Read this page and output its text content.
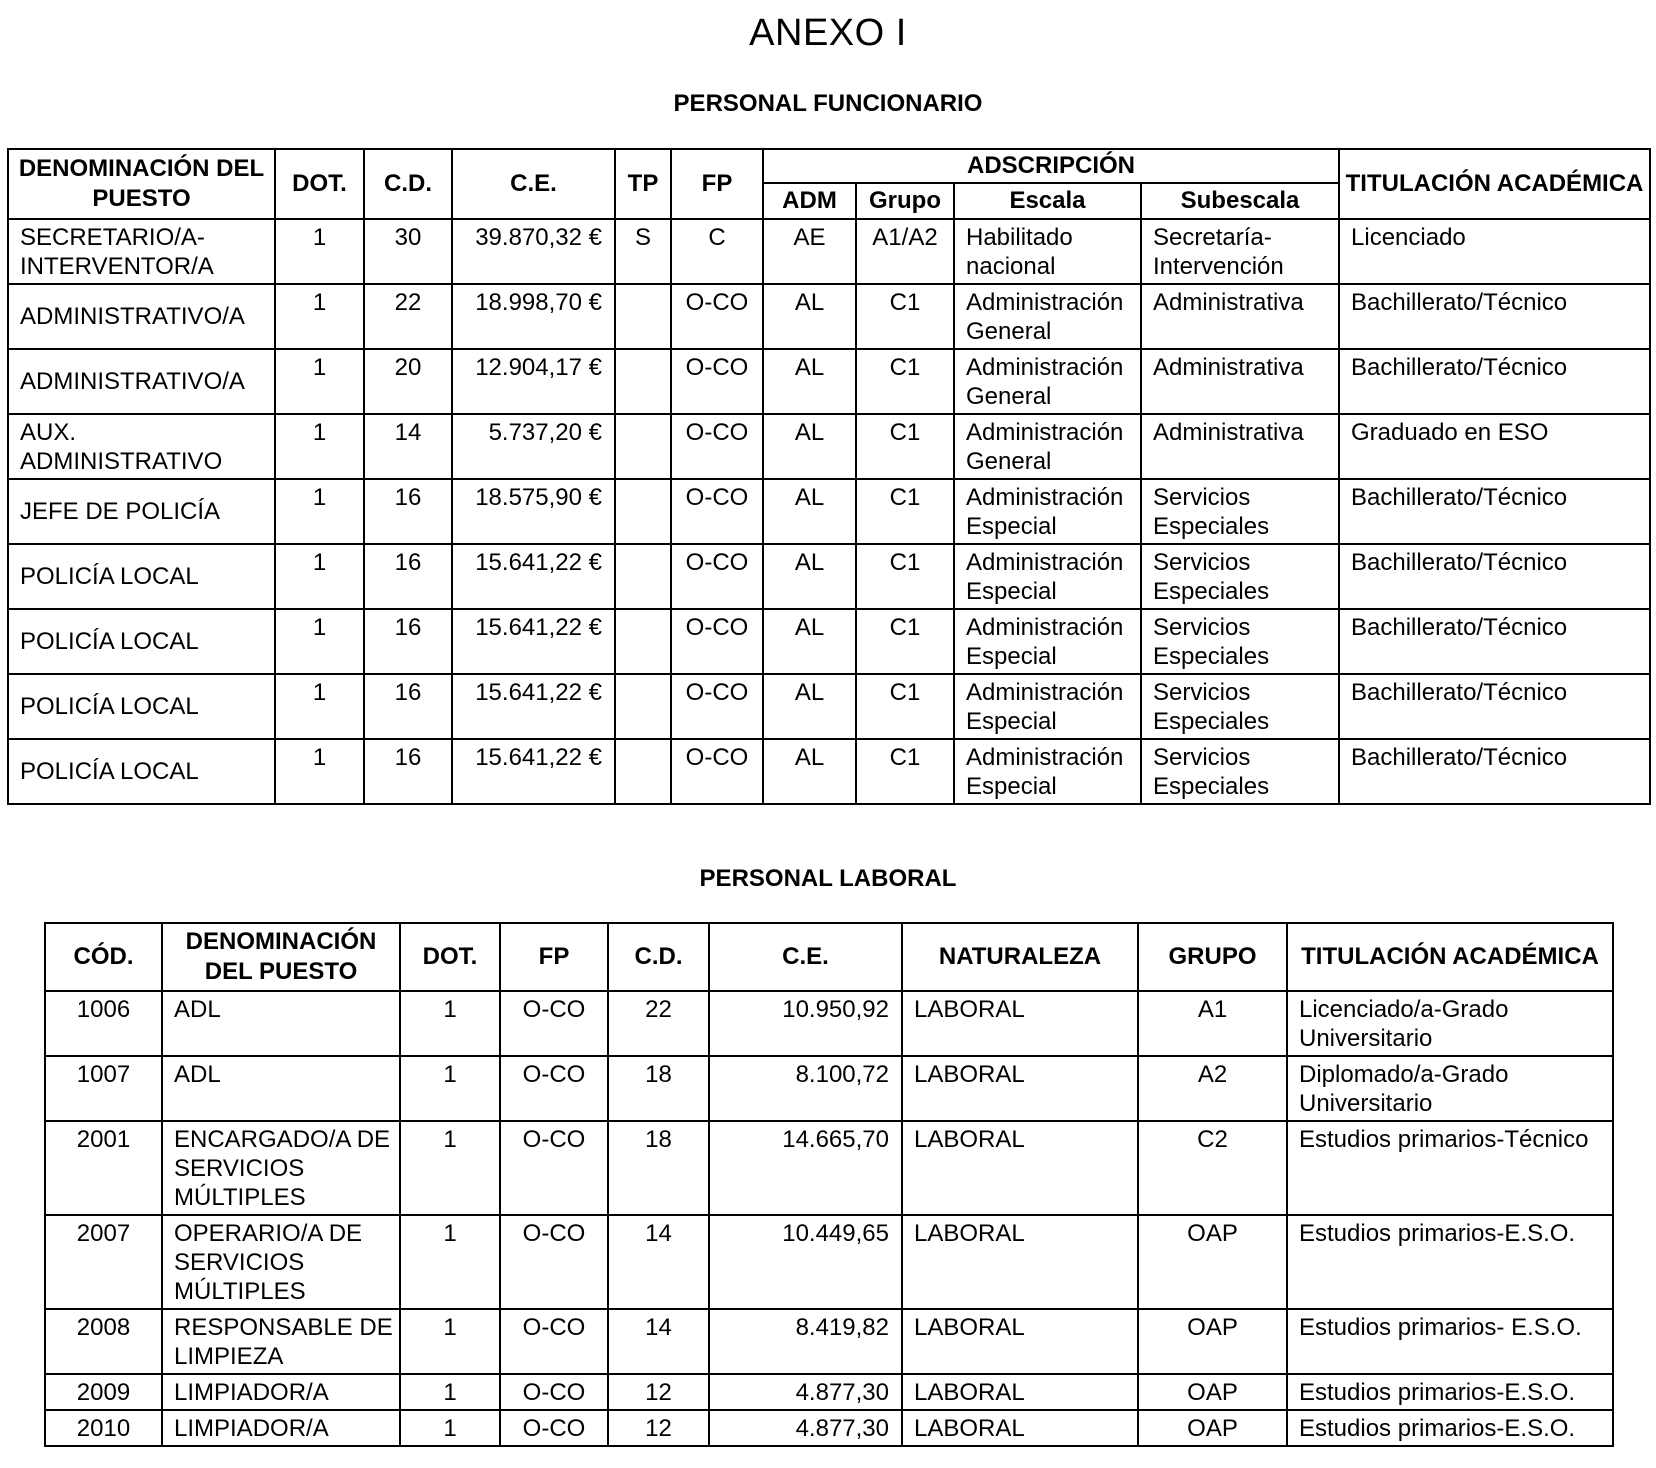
ANEXO I
PERSONAL FUNCIONARIO
DENOMINACIÓN DEL PUESTO	DOT.	C.D.	C.E.	TP	FP	ADSCRIPCIÓN				TITULACIÓN ACADÉMICA
						ADM	Grupo	Escala	Subescala	
SECRETARIO/A-INTERVENTOR/A	1	30	39.870,32 €	S	C	AE	A1/A2	Habilitado nacional	Secretaría-Intervención	Licenciado
ADMINISTRATIVO/A	1	22	18.998,70 €		O-CO	AL	C1	Administración General	Administrativa	Bachillerato/Técnico
ADMINISTRATIVO/A	1	20	12.904,17 €		O-CO	AL	C1	Administración General	Administrativa	Bachillerato/Técnico
AUX. ADMINISTRATIVO	1	14	5.737,20 €		O-CO	AL	C1	Administración General	Administrativa	Graduado en ESO
JEFE DE POLICÍA	1	16	18.575,90 €		O-CO	AL	C1	Administración Especial	Servicios Especiales	Bachillerato/Técnico
POLICÍA LOCAL	1	16	15.641,22 €		O-CO	AL	C1	Administración Especial	Servicios Especiales	Bachillerato/Técnico
POLICÍA LOCAL	1	16	15.641,22 €		O-CO	AL	C1	Administración Especial	Servicios Especiales	Bachillerato/Técnico
POLICÍA LOCAL	1	16	15.641,22 €		O-CO	AL	C1	Administración Especial	Servicios Especiales	Bachillerato/Técnico
POLICÍA LOCAL	1	16	15.641,22 €		O-CO	AL	C1	Administración Especial	Servicios Especiales	Bachillerato/Técnico
PERSONAL LABORAL
CÓD.	DENOMINACIÓN DEL PUESTO	DOT.	FP	C.D.	C.E.	NATURALEZA	GRUPO	TITULACIÓN ACADÉMICA
1006	ADL	1	O-CO	22	10.950,92	LABORAL	A1	Licenciado/a-Grado Universitario
1007	ADL	1	O-CO	18	8.100,72	LABORAL	A2	Diplomado/a-Grado Universitario
2001	ENCARGADO/A DE SERVICIOS MÚLTIPLES	1	O-CO	18	14.665,70	LABORAL	C2	Estudios primarios-Técnico
2007	OPERARIO/A DE SERVICIOS MÚLTIPLES	1	O-CO	14	10.449,65	LABORAL	OAP	Estudios primarios-E.S.O.
2008	RESPONSABLE DE LIMPIEZA	1	O-CO	14	8.419,82	LABORAL	OAP	Estudios primarios- E.S.O.
2009	LIMPIADOR/A	1	O-CO	12	4.877,30	LABORAL	OAP	Estudios primarios-E.S.O.
2010	LIMPIADOR/A	1	O-CO	12	4.877,30	LABORAL	OAP	Estudios primarios-E.S.O.
